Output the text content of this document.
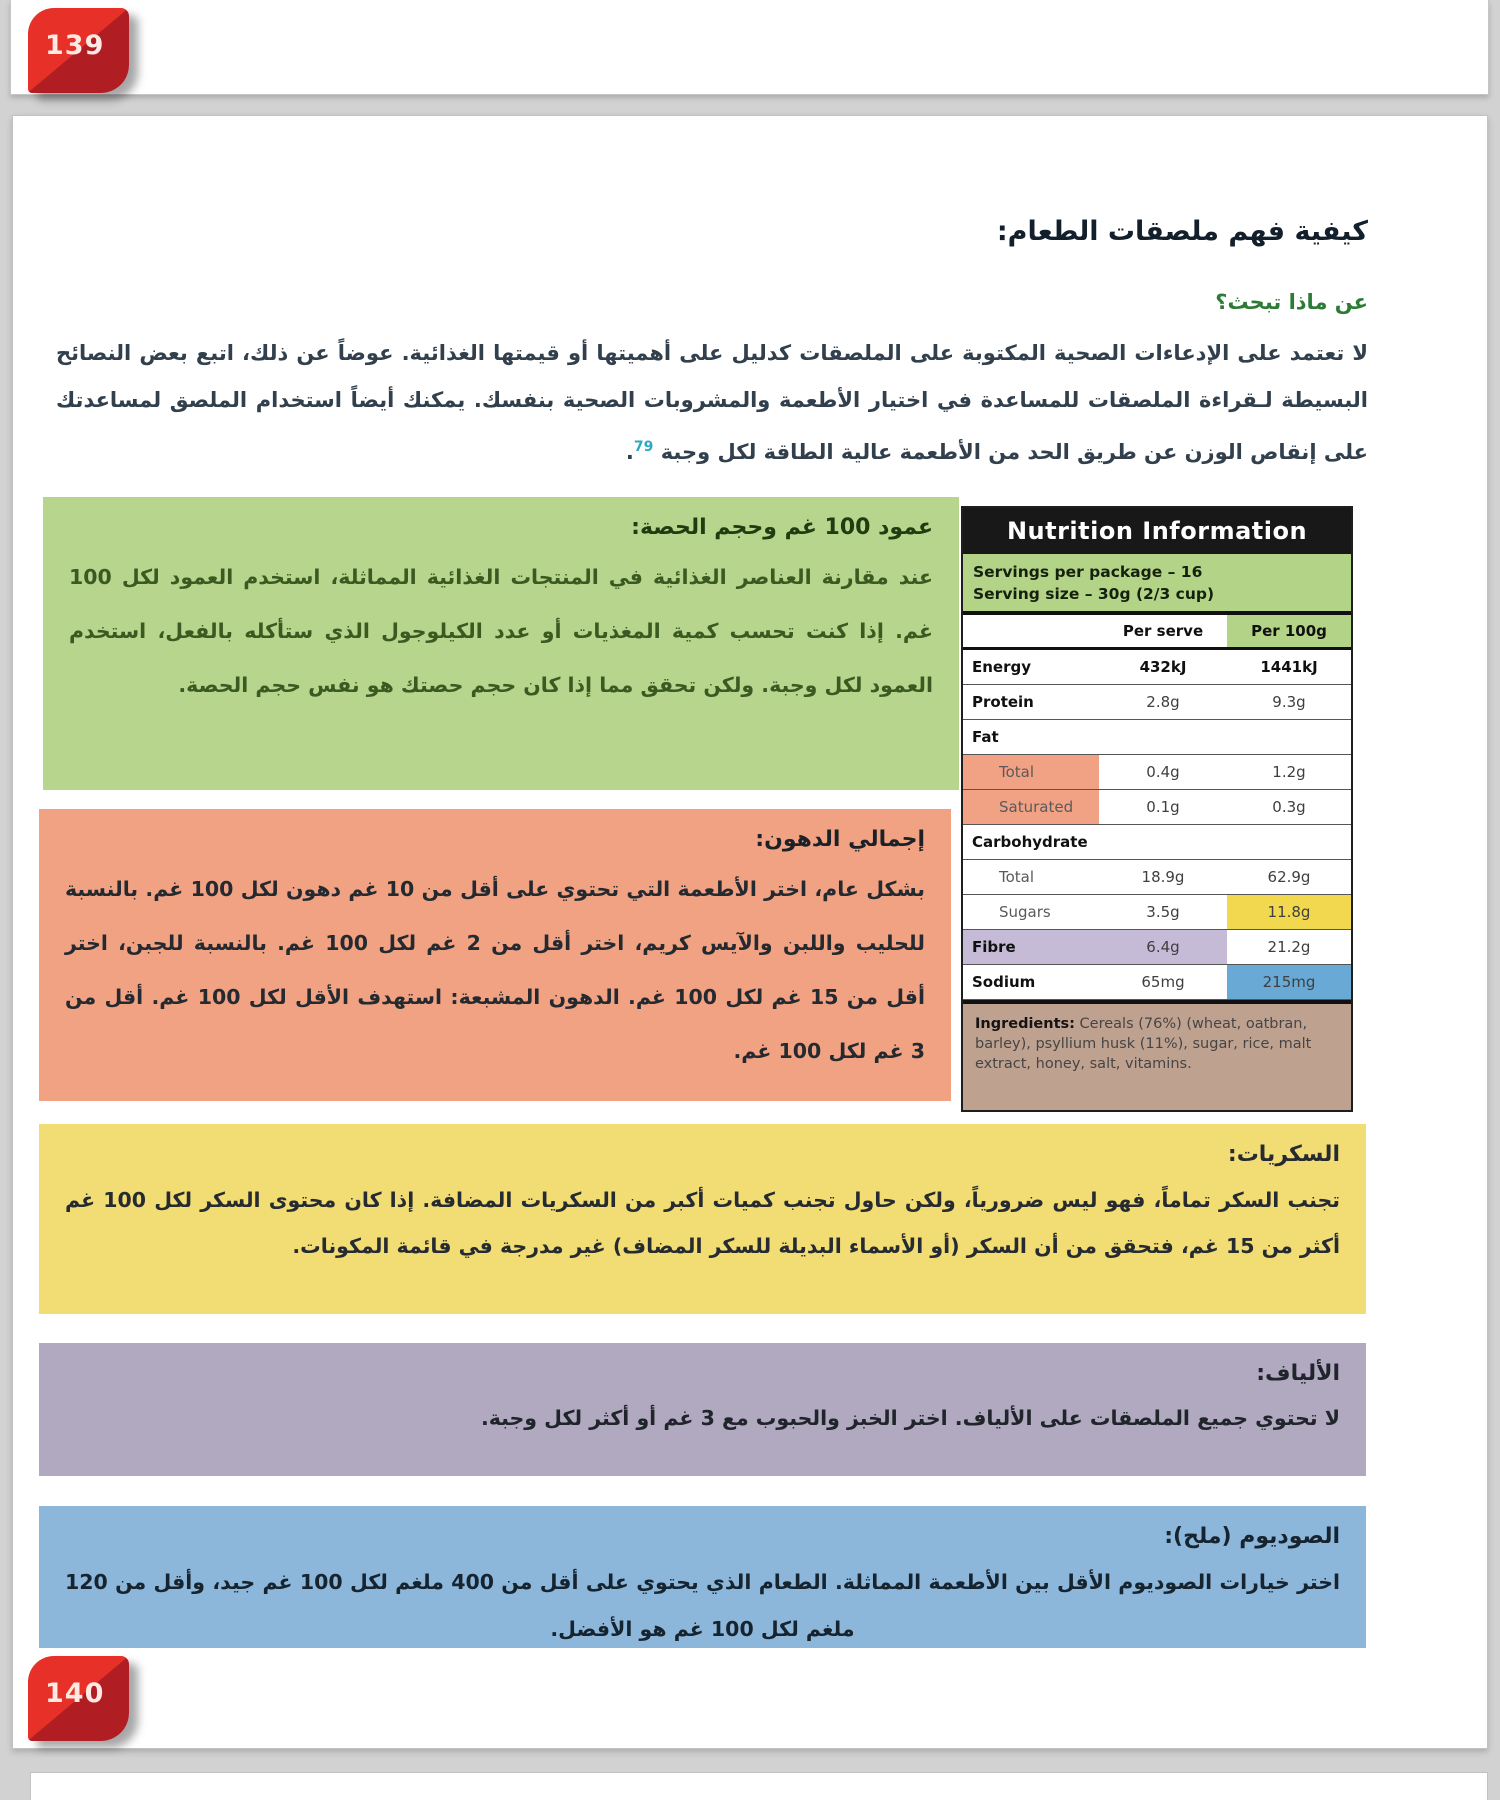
139
كيفية فهم ملصقات الطعام:
عن ماذا تبحث؟
لا تعتمد على الإدعاءات الصحية المكتوبة على الملصقات كدليل على أهميتها أو قيمتها الغذائية. عوضاً عن ذلك، اتبع بعض النصائح البسيطة لـقراءة الملصقات للمساعدة في اختيار الأطعمة والمشروبات الصحية بنفسك. يمكنك أيضاً استخدام الملصق لمساعدتك على إنقاص الوزن عن طريق الحد من الأطعمة عالية الطاقة لكل وجبة $^{79}$.
عمود 100 غم وحجم الحصة:

عند مقارنة العناصر الغذائية في المنتجات الغذائية المماثلة، استخدم العمود لكل 100 غم. إذا كنت تحسب كمية المغذيات أو عدد الكيلوجول الذي ستأكله بالفعل، استخدم العمود لكل وجبة. ولكن تحقق مما إذا كان حجم حصتك هو نفس حجم الحصة.

Nutrition Information
Servings per package – 16
Serving size – 30g (2/3 cup)
Per serve	Per 100g
Energy	432kJ	1441kJ
Protein	2.8g	9.3g
Fat
Total	0.4g	1.2g
Saturated	0.1g	0.3g
Carbohydrate
Total	18.9g	62.9g
Sugars	3.5g	11.8g
Fibre	6.4g	21.2g
Sodium	65mg	215mg
Ingredients: Cereals (76%) (wheat, oatbran, barley), psyllium husk (11%), sugar, rice, malt extract, honey, salt, vitamins.
إجمالي الدهون:

بشكل عام، اختر الأطعمة التي تحتوي على أقل من 10 غم دهون لكل 100 غم. بالنسبة للحليب واللبن والآيس كريم، اختر أقل من 2 غم لكل 100 غم. بالنسبة للجبن، اختر أقل من 15 غم لكل 100 غم. الدهون المشبعة: استهدف الأقل لكل 100 غم. أقل من 3 غم لكل 100 غم.

السكريات:

تجنب السكر تماماً، فهو ليس ضرورياً، ولكن حاول تجنب كميات أكبر من السكريات المضافة. إذا كان محتوى السكر لكل 100 غم أكثر من 15 غم، فتحقق من أن السكر (أو الأسماء البديلة للسكر المضاف) غير مدرجة في قائمة المكونات.

الألياف:

لا تحتوي جميع الملصقات على الألياف. اختر الخبز والحبوب مع 3 غم أو أكثر لكل وجبة.

الصوديوم (ملح):

اختر خيارات الصوديوم الأقل بين الأطعمة المماثلة. الطعام الذي يحتوي على أقل من 400 ملغم لكل 100 غم جيد، وأقل من 120 ملغم لكل 100 غم هو الأفضل.

140
